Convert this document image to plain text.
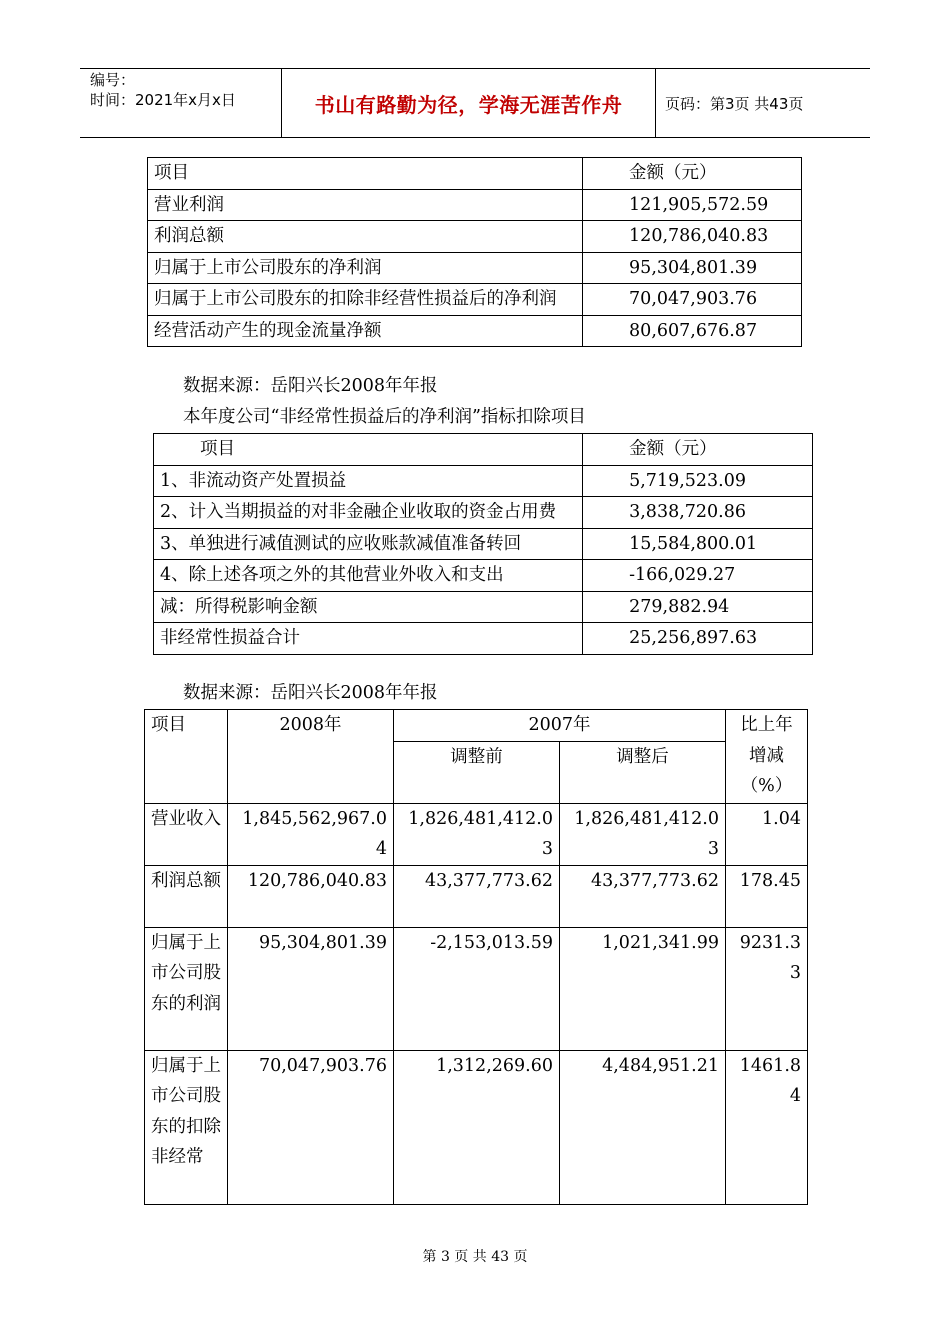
编号：
时间：2021年x月x日	书山有路勤为径，学海无涯苦作舟	页码：第3页 共43页
项目	金额（元）
营业利润	121,905,572.59
利润总额	120,786,040.83
归属于上市公司股东的净利润	95,304,801.39
归属于上市公司股东的扣除非经营性损益后的净利润	70,047,903.76
经营活动产生的现金流量净额	80,607,676.87
数据来源：岳阳兴长2008年年报
本年度公司“非经常性损益后的净利润”指标扣除项目
项目	金额（元）
1、非流动资产处置损益	5,719,523.09
2、计入当期损益的对非金融企业收取的资金占用费	3,838,720.86
3、单独进行减值测试的应收账款减值准备转回	15,584,800.01
4、除上述各项之外的其他营业外收入和支出	-166,029.27
减：所得税影响金额	279,882.94
非经常性损益合计	25,256,897.63
数据来源：岳阳兴长2008年年报
项目	2008年	2007年		比上年增减（%）
		调整前	调整后	
营业收入	1,845,562,967.04	1,826,481,412.03	1,826,481,412.03	1.04
利润总额	120,786,040.83	43,377,773.62	43,377,773.62	178.45
归属于上市公司股东的利润	95,304,801.39	-2,153,013.59	1,021,341.99	9231.33
归属于上市公司股东的扣除非经常	70,047,903.76	1,312,269.60	4,484,951.21	1461.84
第 3 页 共 43 页
